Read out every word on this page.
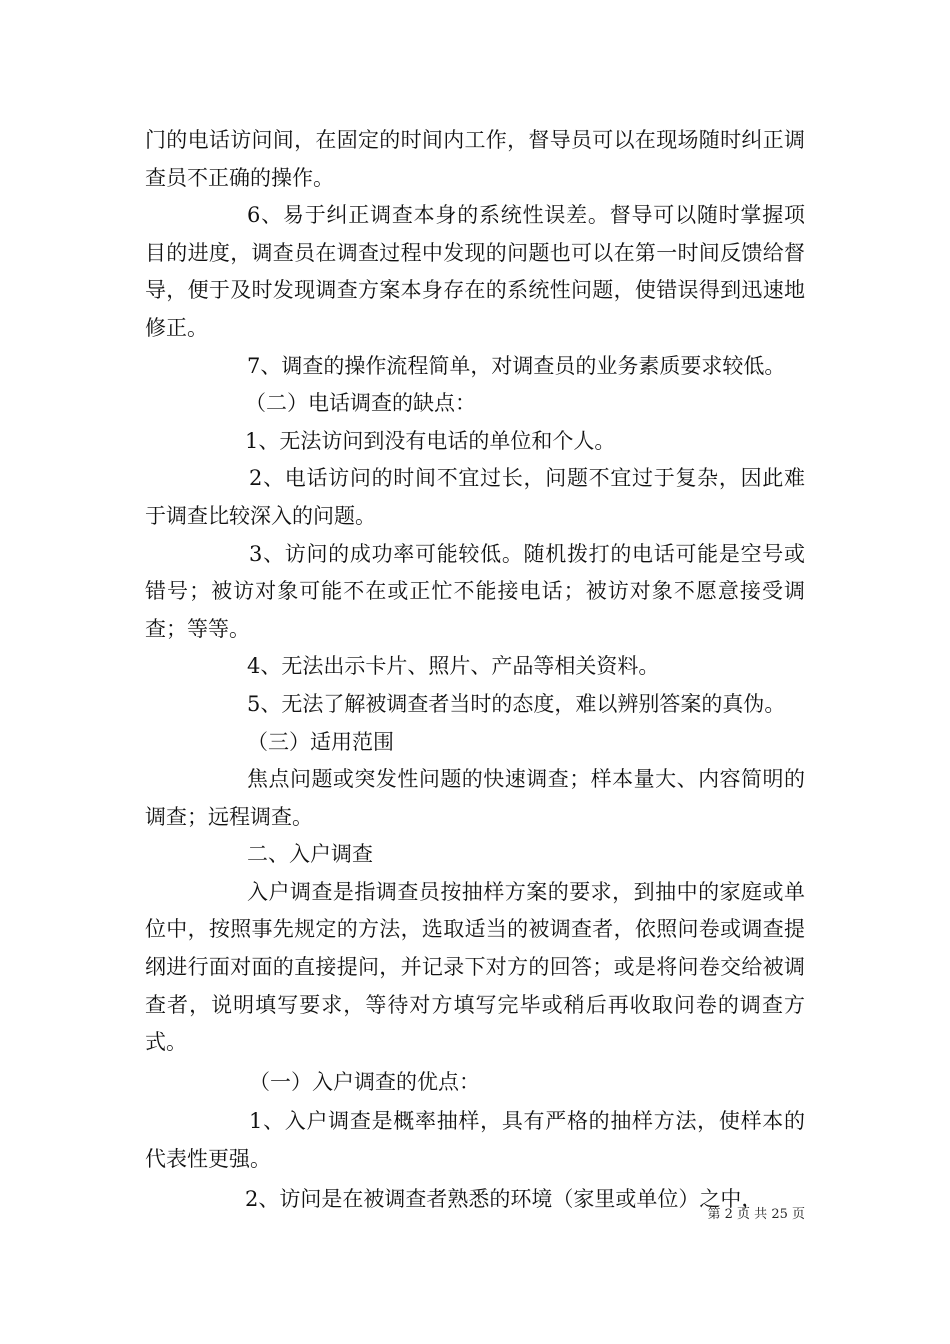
门的电话访问间，在固定的时间内工作，督导员可以在现场随时纠正调查员不正确的操作。

6、易于纠正调查本身的系统性误差。督导可以随时掌握项目的进度，调查员在调查过程中发现的问题也可以在第一时间反馈给督导，便于及时发现调查方案本身存在的系统性问题，使错误得到迅速地修正。

7、调查的操作流程简单，对调查员的业务素质要求较低。

（二）电话调查的缺点：

1、无法访问到没有电话的单位和个人。

2、电话访问的时间不宜过长，问题不宜过于复杂，因此难于调查比较深入的问题。

3、访问的成功率可能较低。随机拨打的电话可能是空号或错号；被访对象可能不在或正忙不能接电话；被访对象不愿意接受调查；等等。

4、无法出示卡片、照片、产品等相关资料。

5、无法了解被调查者当时的态度，难以辨别答案的真伪。

（三）适用范围

焦点问题或突发性问题的快速调查；样本量大、内容简明的调查；远程调查。

二、入户调查

入户调查是指调查员按抽样方案的要求，到抽中的家庭或单位中，按照事先规定的方法，选取适当的被调查者，依照问卷或调查提纲进行面对面的直接提问，并记录下对方的回答；或是将问卷交给被调查者，说明填写要求，等待对方填写完毕或稍后再收取问卷的调查方式。

（一）入户调查的优点：

1、入户调查是概率抽样，具有严格的抽样方法，使样本的代表性更强。

2、访问是在被调查者熟悉的环境（家里或单位）之中，

第 2 页 共 25 页
